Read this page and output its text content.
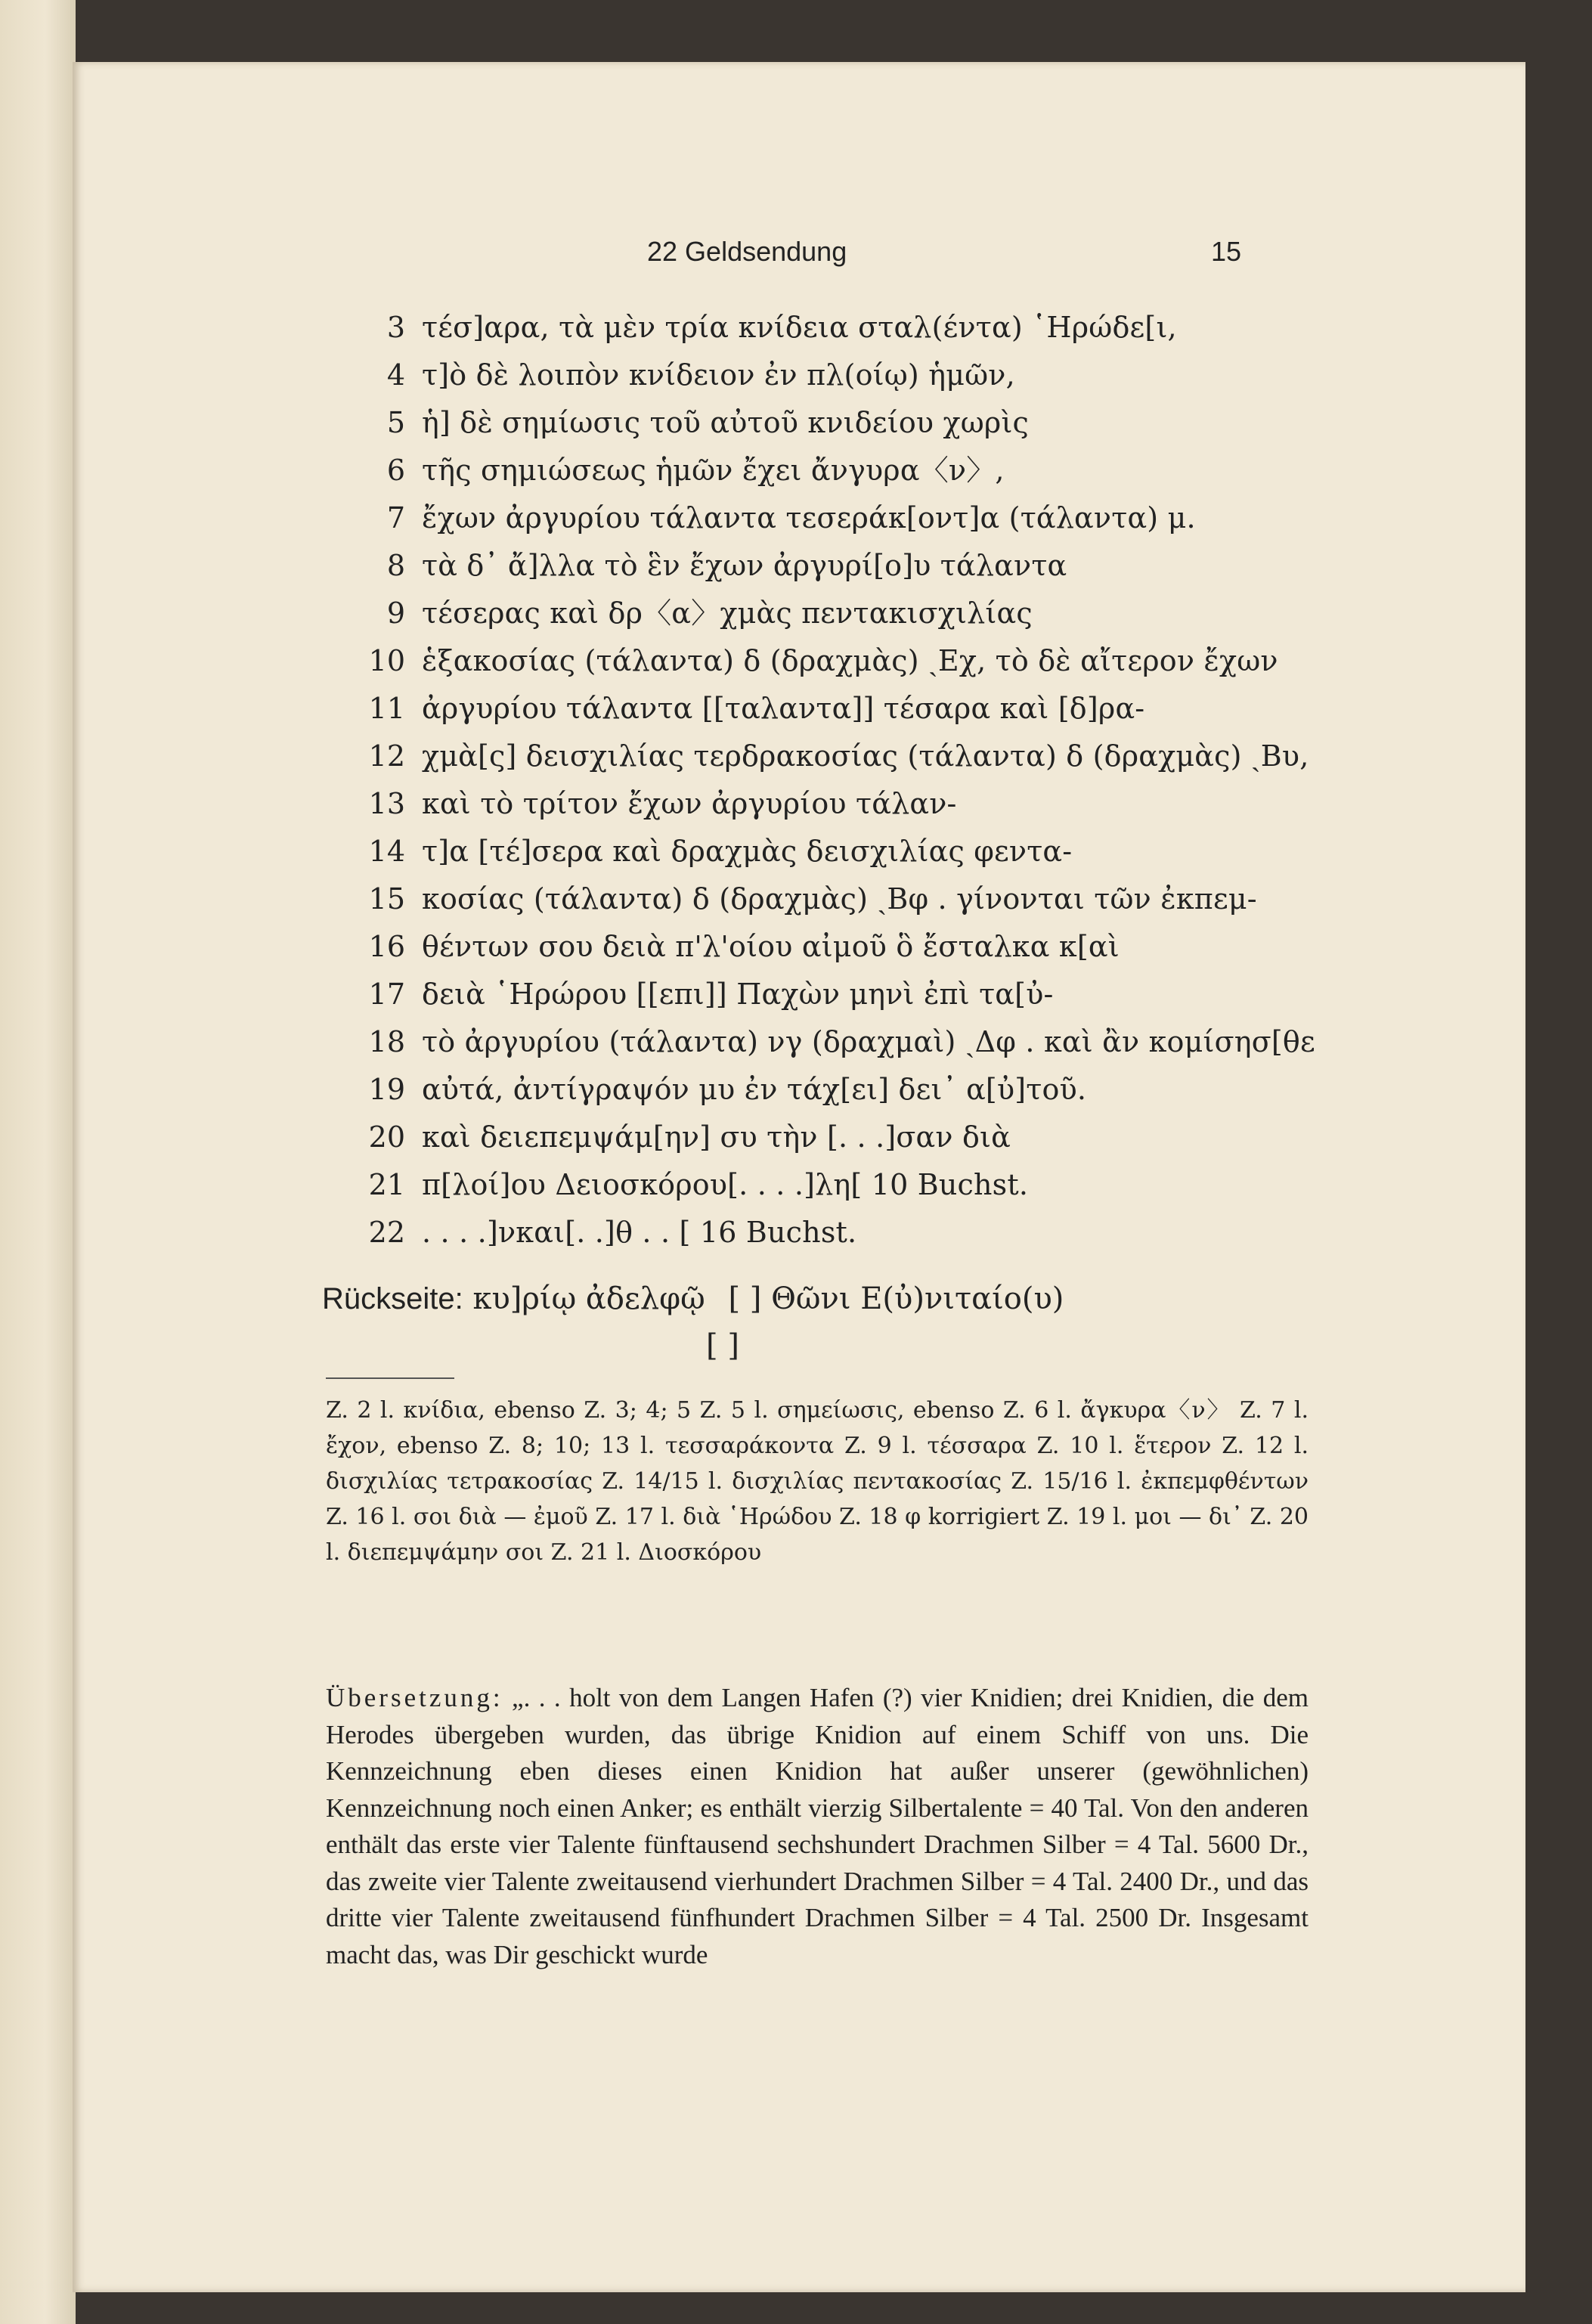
22 Geldsendung	15
3 τέσ]αρα, τὰ μὲν τρία κνίδεια σταλ(έντα) ῾Ηρώδε[ι,
4 τ]ὸ δὲ λοιπὸν κνίδειον ἐν πλ(οίῳ) ἡμῶν,
5 ἡ] δὲ σημίωσις τοῦ αὐτοῦ κνιδείου χωρὶς
6 τῆς σημιώσεως ἡμῶν ἔχει ἄνγυρα〈ν〉,
7 ἔχων ἀργυρίου τάλαντα τεσεράκ[οντ]α (τάλαντα) μ.
8 τὰ δ᾽ ἄ]λλα τὸ ἓν ἔχων ἀργυρί[ο]υ τάλαντα
9 τέσερας καὶ δρ〈α〉χμὰς πεντακισχιλίας
10 ἑξακοσίας (τάλαντα) δ (δραχμὰς) ˏΕχ, τὸ δὲ αἴτερον ἔχων
11 ἀργυρίου τάλαντα [[ταλαντα]] τέσαρα καὶ [δ]ρα-
12 χμὰ[ς] δεισχιλίας τερδρακοσίας (τάλαντα) δ (δραχμὰς) ˏΒυ,
13 καὶ τὸ τρίτον ἔχων ἀργυρίου τάλαν-
14 τ]α [τέ]σερα καὶ δραχμὰς δεισχιλίας φεντα-
15 κοσίας (τάλαντα) δ (δραχμὰς) ˏΒφ . γίνονται τῶν ἐκπεμ-
16 θέντων σου δειὰ π'λ'οίου αἰμοῦ ὃ ἔσταλκα κ[αὶ
17 δειὰ ῾Ηρώρου [[επι]] Παχὼν μηνὶ ἐπὶ τα[ὐ-
18 τὸ ἀργυρίου (τάλαντα) νγ (δραχμαὶ) ˏΔφ . καὶ ἂν κομίσησ[θε
19 αὐτά, ἀντίγραψόν μυ ἐν τάχ[ει] δει᾽ α[ὐ]τοῦ.
20 καὶ δειεπεμψάμ[ην] συ τὴν [. . .]σαν διὰ
21 π[λοί]ου Δειοσκόρου[. . . .]λη[ 10 Buchst.
22 . . . .]νκαι[. .]θ . . [ 16 Buchst.
Rückseite: κυ]ρίῳ ἀδελφῷ [ ] Θῶνι Ε(ὐ)νιταίο(υ)
[ ]

Z. 2 l. κνίδια, ebenso Z. 3; 4; 5 Z. 5 l. σημείωσις, ebenso Z. 6 l. ἄγκυρα〈ν〉 Z. 7 l. ἔχον, ebenso Z. 8; 10; 13 l. τεσσαράκοντα Z. 9 l. τέσσαρα Z. 10 l. ἕτερον Z. 12 l. δισχιλίας τετρακοσίας Z. 14/15 l. δισχιλίας πεντακοσίας Z. 15/16 l. ἐκπεμφθέντων Z. 16 l. σοι διὰ — ἐμοῦ Z. 17 l. διὰ ῾Ηρώδου Z. 18 φ korrigiert Z. 19 l. μοι — δι᾽ Z. 20 l. διεπεμψάμην σοι Z. 21 l. Διοσκόρου

Übersetzung: „. . . holt von dem Langen Hafen (?) vier Knidien; drei Knidien, die dem Herodes übergeben wurden, das übrige Knidion auf einem Schiff von uns. Die Kennzeichnung eben dieses einen Knidion hat außer unserer (gewöhnlichen) Kennzeichnung noch einen Anker; es enthält vierzig Silbertalente = 40 Tal. Von den anderen enthält das erste vier Talente fünftausend sechshundert Drachmen Silber = 4 Tal. 5600 Dr., das zweite vier Talente zweitausend vierhundert Drachmen Silber = 4 Tal. 2400 Dr., und das dritte vier Talente zweitausend fünfhundert Drachmen Silber = 4 Tal. 2500 Dr. Insgesamt macht das, was Dir geschickt wurde
